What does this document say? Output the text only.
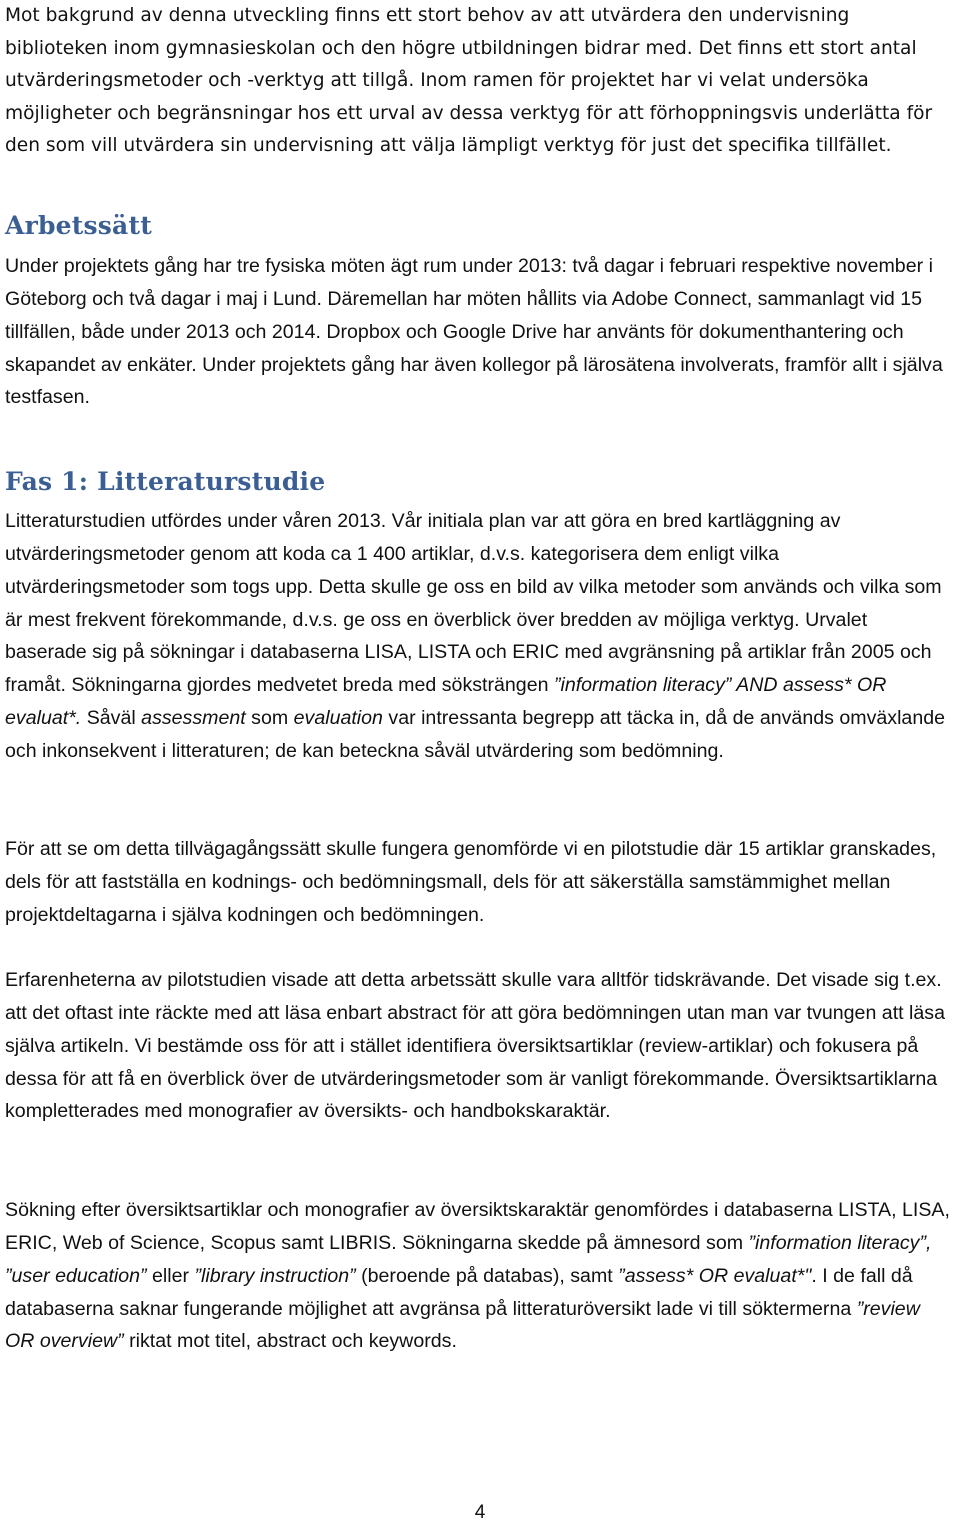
Mot bakgrund av denna utveckling finns ett stort behov av att utvärdera den undervisning biblioteken inom gymnasieskolan och den högre utbildningen bidrar med. Det finns ett stort antal utvärderingsmetoder och -verktyg att tillgå. Inom ramen för projektet har vi velat undersöka möjligheter och begränsningar hos ett urval av dessa verktyg för att förhoppningsvis underlätta för den som vill utvärdera sin undervisning att välja lämpligt verktyg för just det specifika tillfället.

Arbetssätt

Under projektets gång har tre fysiska möten ägt rum under 2013: två dagar i februari respektive november i Göteborg och två dagar i maj i Lund. Däremellan har möten hållits via Adobe Connect, sammanlagt vid 15 tillfällen, både under 2013 och 2014. Dropbox och Google Drive har använts för dokumenthantering och skapandet av enkäter. Under projektets gång har även kollegor på lärosätena involverats, framför allt i själva testfasen.

Fas 1: Litteraturstudie

Litteraturstudien utfördes under våren 2013. Vår initiala plan var att göra en bred kartläggning av utvärderingsmetoder genom att koda ca 1 400 artiklar, d.v.s. kategorisera dem enligt vilka utvärderingsmetoder som togs upp. Detta skulle ge oss en bild av vilka metoder som används och vilka som är mest frekvent förekommande, d.v.s. ge oss en överblick över bredden av möjliga verktyg. Urvalet baserade sig på sökningar i databaserna LISA, LISTA och ERIC med avgränsning på artiklar från 2005 och framåt. Sökningarna gjordes medvetet breda med söksträngen ”information literacy” AND assess* OR evaluat*. Såväl assessment som evaluation var intressanta begrepp att täcka in, då de används omväxlande och inkonsekvent i litteraturen; de kan beteckna såväl utvärdering som bedömning.

För att se om detta tillvägagångssätt skulle fungera genomförde vi en pilotstudie där 15 artiklar granskades, dels för att fastställa en kodnings- och bedömningsmall, dels för att säkerställa samstämmighet mellan projektdeltagarna i själva kodningen och bedömningen.

Erfarenheterna av pilotstudien visade att detta arbetssätt skulle vara alltför tidskrävande. Det visade sig t.ex. att det oftast inte räckte med att läsa enbart abstract för att göra bedömningen utan man var tvungen att läsa själva artikeln. Vi bestämde oss för att i stället identifiera översiktsartiklar (review-artiklar) och fokusera på dessa för att få en överblick över de utvärderingsmetoder som är vanligt förekommande. Översiktsartiklarna kompletterades med monografier av översikts- och handbokskaraktär.

Sökning efter översiktsartiklar och monografier av översiktskaraktär genomfördes i databaserna LISTA, LISA, ERIC, Web of Science, Scopus samt LIBRIS. Sökningarna skedde på ämnesord som ”information literacy”, ”user education” eller ”library instruction” (beroende på databas), samt ”assess* OR evaluat*". I de fall då databaserna saknar fungerande möjlighet att avgränsa på litteraturöversikt lade vi till söktermerna ”review OR overview” riktat mot titel, abstract och keywords.

4
